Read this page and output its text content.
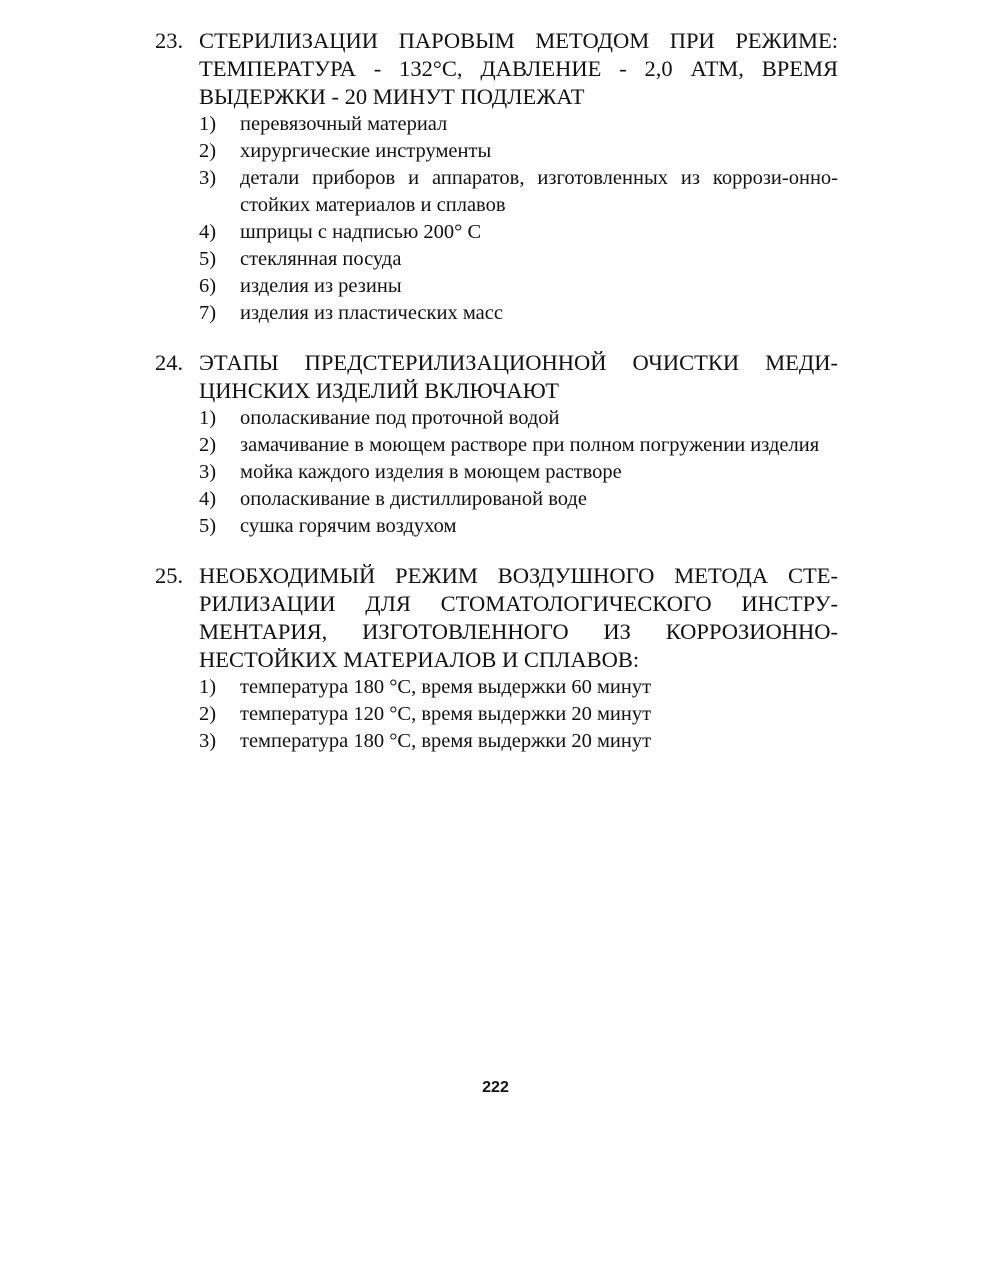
23. СТЕРИЛИЗАЦИИ ПАРОВЫМ МЕТОДОМ ПРИ РЕЖИМЕ: ТЕМПЕРАТУРА - 132°С, ДАВЛЕНИЕ - 2,0 АТМ, ВРЕМЯ ВЫДЕРЖКИ - 20 МИНУТ ПОДЛЕЖАТ
1)	перевязочный материал
2)	хирургические инструменты
3)	детали приборов и аппаратов, изготовленных из коррози-онно-стойких материалов и сплавов
4)	шприцы с надписью 200° С
5)	стеклянная посуда
6)	изделия из резины
7)	изделия из пластических масс
24. ЭТАПЫ ПРЕДСТЕРИЛИЗАЦИОННОЙ ОЧИСТКИ МЕДИ-ЦИНСКИХ ИЗДЕЛИЙ ВКЛЮЧАЮТ
1)	ополаскивание под проточной водой
2)	замачивание в моющем растворе при полном погружении изделия
3)	мойка каждого изделия в моющем растворе
4)	ополаскивание в дистиллированой воде
5)	сушка горячим воздухом
25. НЕОБХОДИМЫЙ РЕЖИМ ВОЗДУШНОГО МЕТОДА СТЕ-РИЛИЗАЦИИ ДЛЯ СТОМАТОЛОГИЧЕСКОГО ИНСТРУ-МЕНТАРИЯ, ИЗГОТОВЛЕННОГО ИЗ КОРРОЗИОННО-НЕСТОЙКИХ МАТЕРИАЛОВ И СПЛАВОВ:
1)	температура 180 °С, время выдержки 60 минут
2)	температура 120 °С, время выдержки 20 минут
3)	температура 180 °С, время выдержки 20 минут
222
